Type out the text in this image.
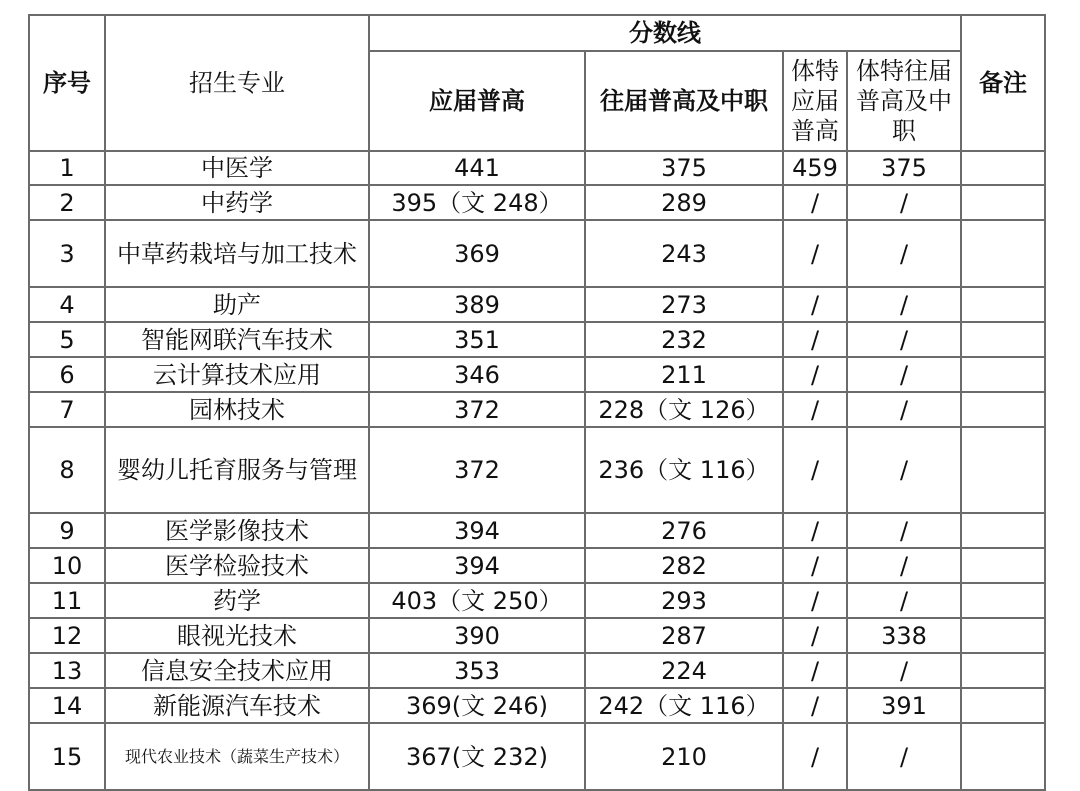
序号	招生专业	分数线				备注
		应届普高	往届普高及中职	体特应届普高	体特往届普高及中职	
1	中医学	441	375	459	375	
2	中药学	395（文 248）	289	/	/	
3	中草药栽培与加工技术	369	243	/	/	
4	助产	389	273	/	/	
5	智能网联汽车技术	351	232	/	/	
6	云计算技术应用	346	211	/	/	
7	园林技术	372	228（文 126）	/	/	
8	婴幼儿托育服务与管理	372	236（文 116）	/	/	
9	医学影像技术	394	276	/	/	
10	医学检验技术	394	282	/	/	
11	药学	403（文 250）	293	/	/	
12	眼视光技术	390	287	/	338	
13	信息安全技术应用	353	224	/	/	
14	新能源汽车技术	369(文 246)	242（文 116）	/	391	
15	现代农业技术（蔬菜生产技术）	367(文 232)	210	/	/	
